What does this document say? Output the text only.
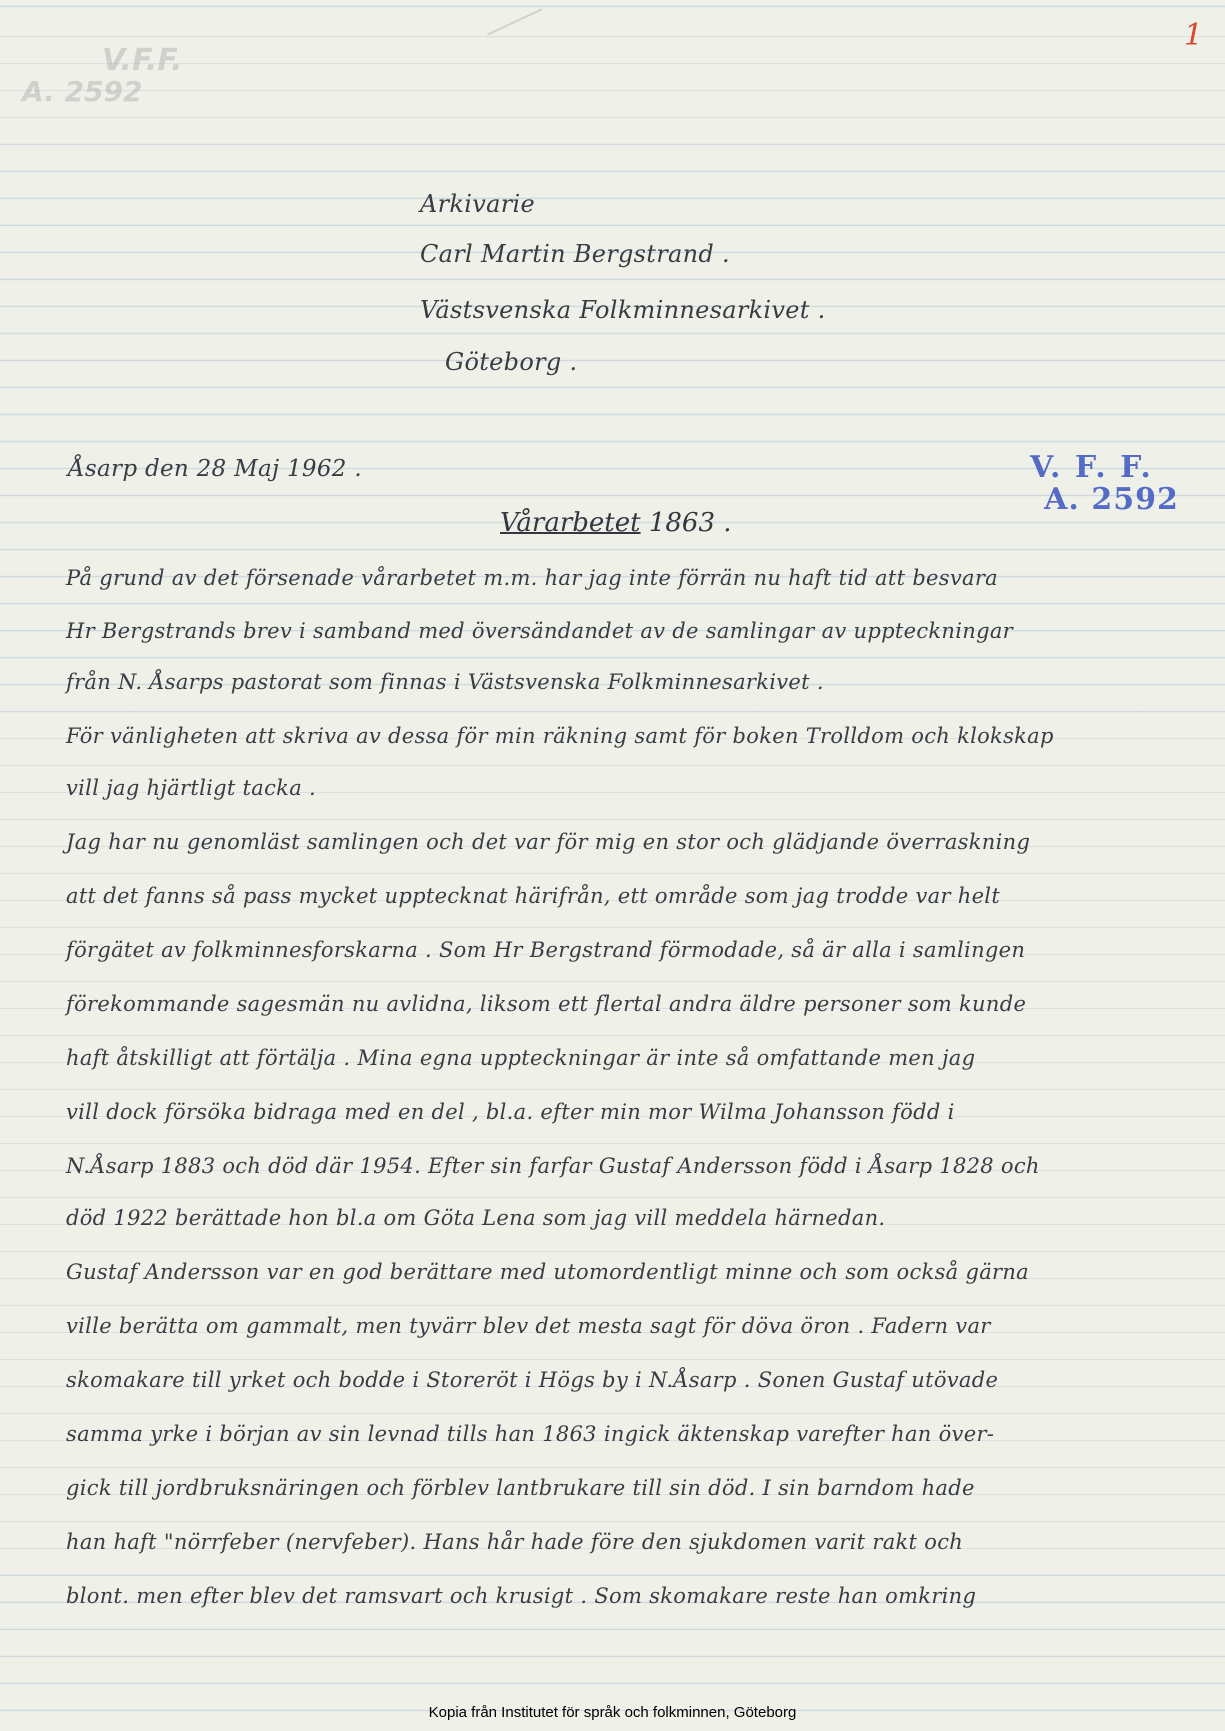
1
V.F.F.
A. 2592
Arkivarie
Carl Martin Bergstrand .
Västsvenska Folkminnesarkivet .
Göteborg .
Åsarp den 28 Maj 1962 .	V. F. F.
A. 2592
Vårarbetet 1863 .
På grund av det försenade vårarbetet m.m. har jag inte förrän nu haft tid att besvara
Hr Bergstrands brev i samband med översändandet av de samlingar av uppteckningar
från N. Åsarps pastorat som finnas i Västsvenska Folkminnesarkivet .
För vänligheten att skriva av dessa för min räkning samt för boken Trolldom och klokskap
vill jag hjärtligt tacka .
Jag har nu genomläst samlingen och det var för mig en stor och glädjande överraskning
att det fanns så pass mycket upptecknat härifrån, ett område som jag trodde var helt
förgätet av folkminnesforskarna . Som Hr Bergstrand förmodade, så är alla i samlingen
förekommande sagesmän nu avlidna, liksom ett flertal andra äldre personer som kunde
haft åtskilligt att förtälja . Mina egna uppteckningar är inte så omfattande men jag
vill dock försöka bidraga med en del , bl.a. efter min mor Wilma Johansson född i
N.Åsarp 1883 och död där 1954. Efter sin farfar Gustaf Andersson född i Åsarp 1828 och
död 1922 berättade hon bl.a om Göta Lena som jag vill meddela härnedan.
Gustaf Andersson var en god berättare med utomordentligt minne och som också gärna
ville berätta om gammalt, men tyvärr blev det mesta sagt för döva öron . Fadern var
skomakare till yrket och bodde i Storeröt i Högs by i N.Åsarp . Sonen Gustaf utövade
samma yrke i början av sin levnad tills han 1863 ingick äktenskap varefter han över-
gick till jordbruksnäringen och förblev lantbrukare till sin död. I sin barndom hade
han haft "nörrfeber (nervfeber). Hans hår hade före den sjukdomen varit rakt och
blont. men efter blev det ramsvart och krusigt . Som skomakare reste han omkring
Kopia från Institutet för språk och folkminnen, Göteborg
